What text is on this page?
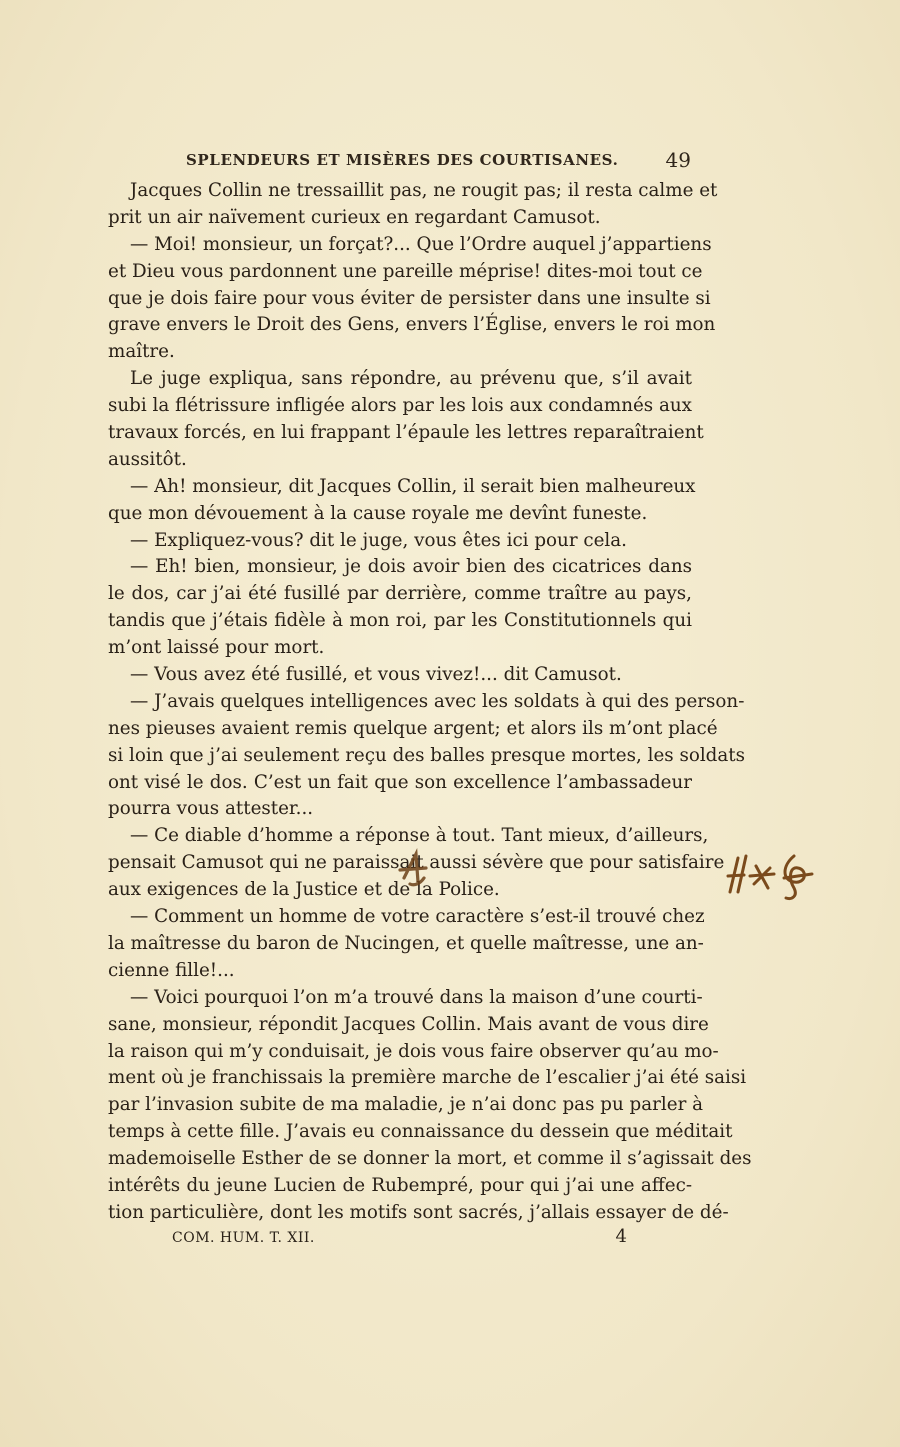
SPLENDEURS ET MISÈRES DES COURTISANES. 49
Jacques Collin ne tressaillit pas, ne rougit pas; il resta calme et
prit un air naïvement curieux en regardant Camusot.
— Moi! monsieur, un forçat?... Que l’Ordre auquel j’appartiens
et Dieu vous pardonnent une pareille méprise! dites-moi tout ce
que je dois faire pour vous éviter de persister dans une insulte si
grave envers le Droit des Gens, envers l’Église, envers le roi mon
maître.
Le juge expliqua, sans répondre, au prévenu que, s’il avait
subi la flétrissure infligée alors par les lois aux condamnés aux
travaux forcés, en lui frappant l’épaule les lettres reparaîtraient
aussitôt.
— Ah! monsieur, dit Jacques Collin, il serait bien malheureux
que mon dévouement à la cause royale me devînt funeste.
— Expliquez-vous? dit le juge, vous êtes ici pour cela.
— Eh! bien, monsieur, je dois avoir bien des cicatrices dans
le dos, car j’ai été fusillé par derrière, comme traître au pays,
tandis que j’étais fidèle à mon roi, par les Constitutionnels qui
m’ont laissé pour mort.
— Vous avez été fusillé, et vous vivez!... dit Camusot.
— J’avais quelques intelligences avec les soldats à qui des person-
nes pieuses avaient remis quelque argent; et alors ils m’ont placé
si loin que j’ai seulement reçu des balles presque mortes, les soldats
ont visé le dos. C’est un fait que son excellence l’ambassadeur
pourra vous attester...
— Ce diable d’homme a réponse à tout. Tant mieux, d’ailleurs,
pensait Camusot qui ne paraissait aussi sévère que pour satisfaire
aux exigences de la Justice et de la Police.
— Comment un homme de votre caractère s’est-il trouvé chez
la maîtresse du baron de Nucingen, et quelle maîtresse, une an-
cienne fille!...
— Voici pourquoi l’on m’a trouvé dans la maison d’une courti-
sane, monsieur, répondit Jacques Collin. Mais avant de vous dire
la raison qui m’y conduisait, je dois vous faire observer qu’au mo-
ment où je franchissais la première marche de l’escalier j’ai été saisi
par l’invasion subite de ma maladie, je n’ai donc pas pu parler à
temps à cette fille. J’avais eu connaissance du dessein que méditait
mademoiselle Esther de se donner la mort, et comme il s’agissait des
intérêts du jeune Lucien de Rubempré, pour qui j’ai une affec-
tion particulière, dont les motifs sont sacrés, j’allais essayer de dé-
COM. HUM. T. XII.	4
